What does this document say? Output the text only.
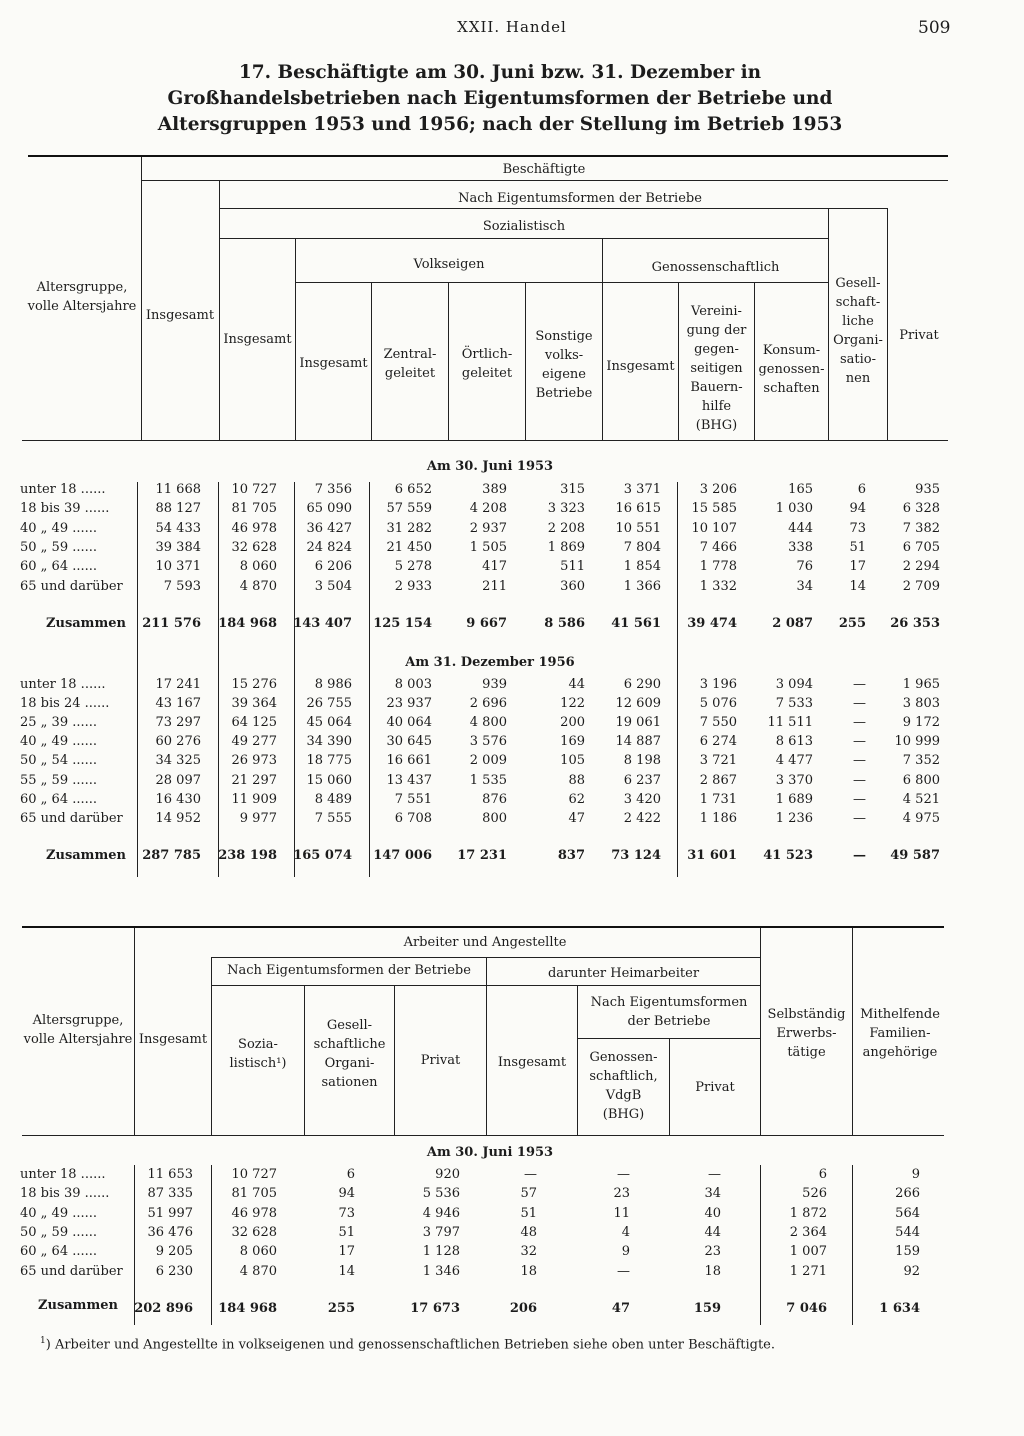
XXII. Handel	509
17. Beschäftigte am 30. Juni bzw. 31. Dezember in Großhandelsbetrieben nach Eigentumsformen der Betriebe und Altersgruppen 1953 und 1956; nach der Stellung im Betrieb 1953
Altersgruppe,
volle Altersjahre
Beschäftigte
Insgesamt
Nach Eigentumsformen der Betriebe
Sozialistisch
Insgesamt
Volkseigen	Genossenschaftlich
Insgesamt
Zentral-
geleitet
Örtlich-
geleitet
Sonstige
volks-
eigene
Betriebe
Insgesamt
Vereini-
gung der
gegen-
seitigen
Bauern-
hilfe
(BHG)
Konsum-
genossen-
schaften
Gesell-
schaft-
liche
Organi-
satio-
nen
Privat
Am 30. Juni 1953
unter 18 ......	11 668	10 727	7 356	6 652	389	315	3 371	3 206	165	6	935
18 bis 39 ......	88 127	81 705	65 090	57 559	4 208	3 323	16 615	15 585	1 030	94	6 328
40 „ 49 ......	54 433	46 978	36 427	31 282	2 937	2 208	10 551	10 107	444	73	7 382
50 „ 59 ......	39 384	32 628	24 824	21 450	1 505	1 869	7 804	7 466	338	51	6 705
60 „ 64 ......	10 371	8 060	6 206	5 278	417	511	1 854	1 778	76	17	2 294
65 und darüber	7 593	4 870	3 504	2 933	211	360	1 366	1 332	34	14	2 709
Zusammen	211 576	184 968	143 407	125 154	9 667	8 586	41 561	39 474	2 087	255	26 353
Am 31. Dezember 1956
unter 18 ......	17 241	15 276	8 986	8 003	939	44	6 290	3 196	3 094	—	1 965
18 bis 24 ......	43 167	39 364	26 755	23 937	2 696	122	12 609	5 076	7 533	—	3 803
25 „ 39 ......	73 297	64 125	45 064	40 064	4 800	200	19 061	7 550	11 511	—	9 172
40 „ 49 ......	60 276	49 277	34 390	30 645	3 576	169	14 887	6 274	8 613	—	10 999
50 „ 54 ......	34 325	26 973	18 775	16 661	2 009	105	8 198	3 721	4 477	—	7 352
55 „ 59 ......	28 097	21 297	15 060	13 437	1 535	88	6 237	2 867	3 370	—	6 800
60 „ 64 ......	16 430	11 909	8 489	7 551	876	62	3 420	1 731	1 689	—	4 521
65 und darüber	14 952	9 977	7 555	6 708	800	47	2 422	1 186	1 236	—	4 975
Zusammen	287 785	238 198	165 074	147 006	17 231	837	73 124	31 601	41 523	—	49 587
Altersgruppe,
volle Altersjahre
Arbeiter und Angestellte
Insgesamt
Nach Eigentumsformen der Betriebe	darunter Heimarbeiter
Sozia-
listisch¹)
Gesell-
schaftliche
Organi-
sationen
Privat	Insgesamt
Nach Eigentumsformen
der Betriebe
Genossen-
schaftlich,
VdgB
(BHG)
Privat
Selbständig
Erwerbs-
tätige
Mithelfende
Familien-
angehörige
Am 30. Juni 1953
unter 18 ......	11 653	10 727	6	920	—	—	—	6	9
18 bis 39 ......	87 335	81 705	94	5 536	57	23	34	526	266
40 „ 49 ......	51 997	46 978	73	4 946	51	11	40	1 872	564
50 „ 59 ......	36 476	32 628	51	3 797	48	4	44	2 364	544
60 „ 64 ......	9 205	8 060	17	1 128	32	9	23	1 007	159
65 und darüber	6 230	4 870	14	1 346	18	—	18	1 271	92
Zusammen	202 896	184 968	255	17 673	206	47	159	7 046	1 634
$^1$) Arbeiter und Angestellte in volkseigenen und genossenschaftlichen Betrieben siehe oben unter Beschäftigte.
